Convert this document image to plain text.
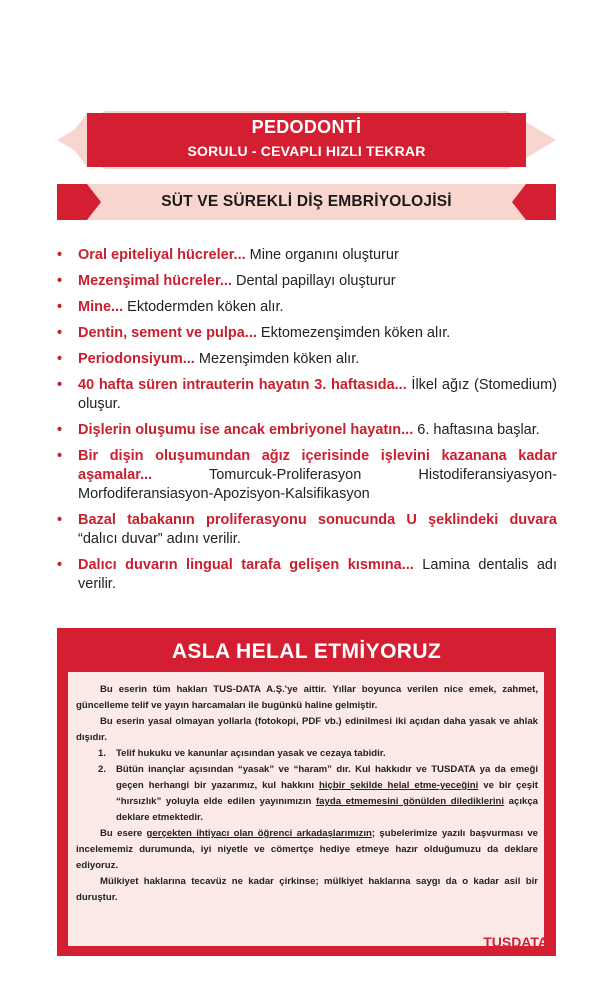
PEDODONTİ
SORULU - CEVAPLI HIZLI TEKRAR
SÜT VE SÜREKLİ DİŞ EMBRİYOLOJİSİ
• Oral epiteliyal hücreler... Mine organını oluşturur
• Mezenşimal hücreler... Dental papillayı oluşturur
• Mine... Ektodermden köken alır.
• Dentin, sement ve pulpa... Ektomezenşimden köken alır.
• Periodonsiyum... Mezenşimden köken alır.
• 40 hafta süren intrauterin hayatın 3. haftasıda... İlkel ağız (Stomedium) oluşur.
• Dişlerin oluşumu ise ancak embriyonel hayatın... 6. haftasına başlar.
• Bir dişin oluşumundan ağız içerisinde işlevini kazanana kadar aşamalar... Tomurcuk-Proliferasyon Histodiferansiyasyon-Morfodiferansiasyon-Apozisyon-Kalsifikasyon
• Bazal tabakanın proliferasyonu sonucunda U şeklindeki duvara “dalıcı duvar” adını verilir.
• Dalıcı duvarın lingual tarafa gelişen kısmına... Lamina dentalis adı verilir.
ASLA HELAL ETMİYORUZ

Bu eserin tüm hakları TUS-DATA A.Ş.'ye aittir. Yıllar boyunca verilen nice emek, zahmet, güncelleme telif ve yayın harcamaları ile bugünkü haline gelmiştir.

Bu eserin yasal olmayan yollarla (fotokopi, PDF vb.) edinilmesi iki açıdan daha yasak ve ahlak dışıdır.

1. Telif hukuku ve kanunlar açısından yasak ve cezaya tabidir.
2. Bütün inançlar açısından “yasak” ve “haram” dır. Kul hakkıdır ve TUSDATA ya da emeği geçen herhangi bir yazarımız, kul hakkını hiçbir şekilde helal etme-yeceğini ve bir çeşit “hırsızlık” yoluyla elde edilen yayınımızın fayda etmemesini gönülden dilediklerini açıkça deklare etmektedir.

Bu esere gerçekten ihtiyacı olan öğrenci arkadaşlarımızın; şubelerimize yazılı başvurması ve incelememiz durumunda, iyi niyetle ve cömertçe hediye etmeye hazır olduğumuzu da deklare ediyoruz.

Mülkiyet haklarına tecavüz ne kadar çirkinse; mülkiyet haklarına saygı da o kadar asil bir duruştur.

TUSDATA
